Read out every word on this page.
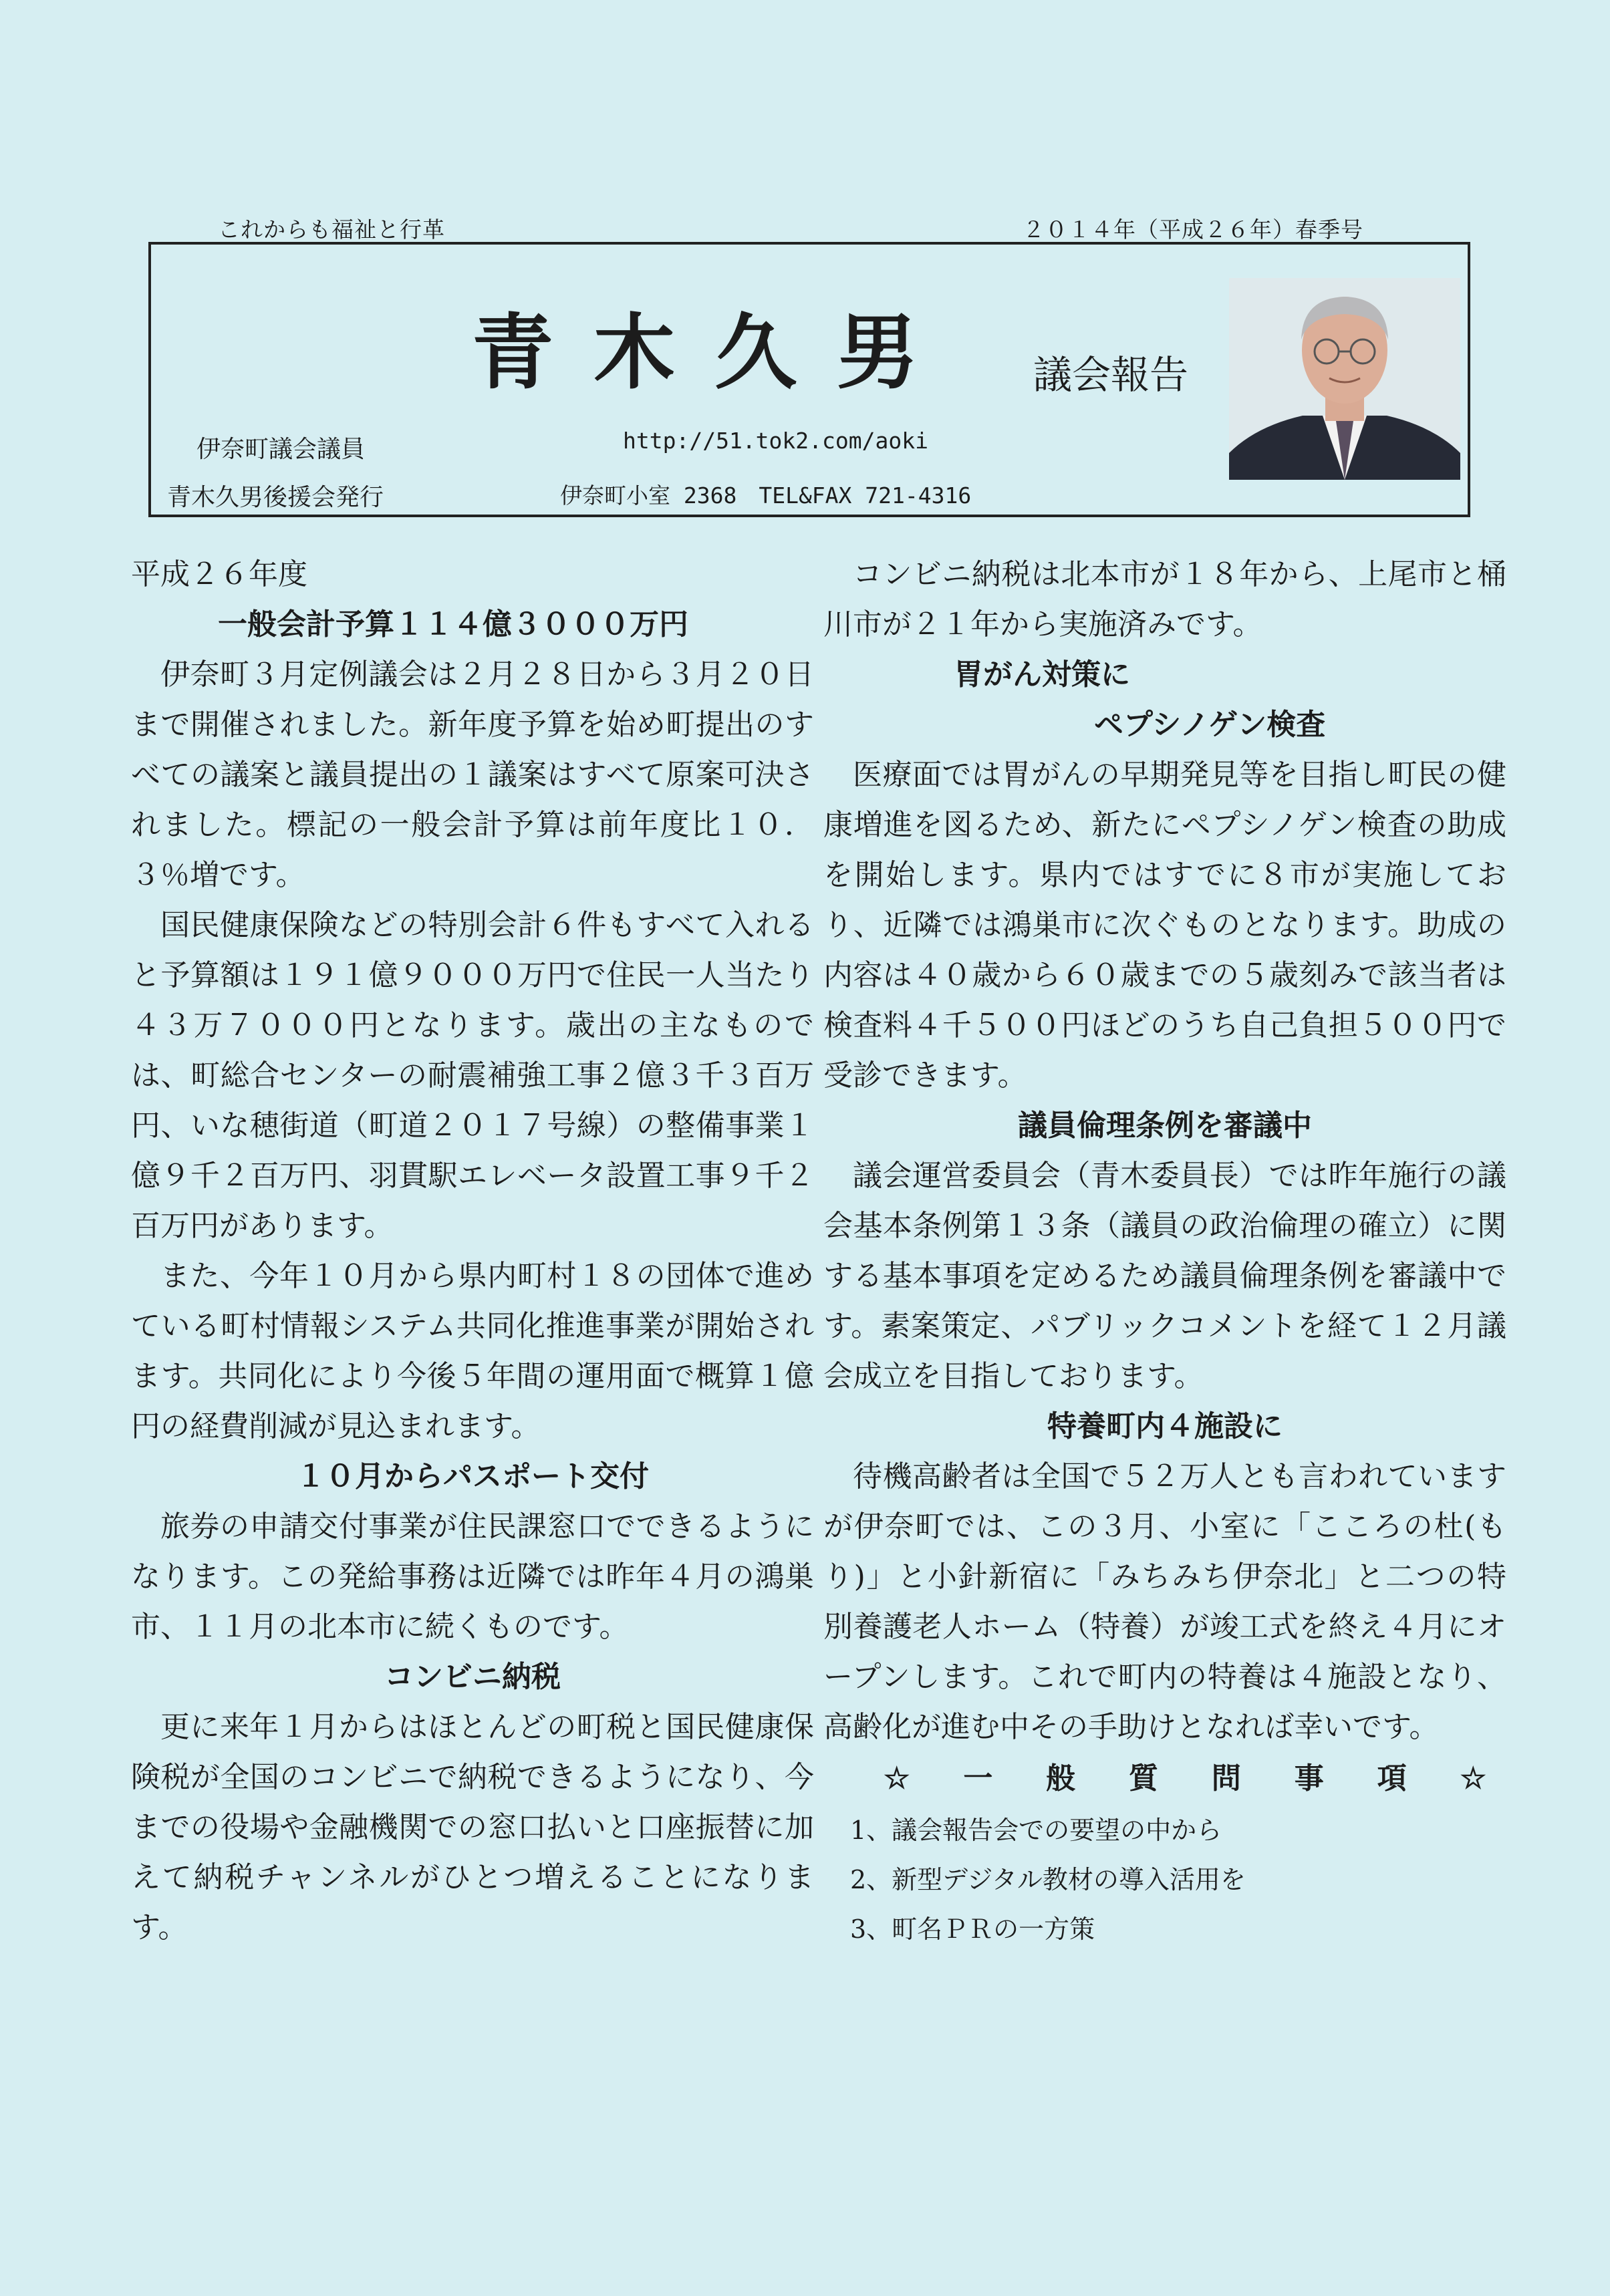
これからも福祉と行革	２０１４年（平成２６年）春季号
青木久男 議会報告
伊奈町議会議員
青木久男後援会発行
http://51.tok2.com/aoki
伊奈町小室 2368　TEL&FAX 721-4316
平成２６年度
一般会計予算１１４億３０００万円

伊奈町３月定例議会は２月２８日から３月２０日まで開催されました。新年度予算を始め町提出のすべての議案と議員提出の１議案はすべて原案可決されました。標記の一般会計予算は前年度比１０．３％増です。

国民健康保険などの特別会計６件もすべて入れると予算額は１９１億９０００万円で住民一人当たり４３万７０００円となります。歳出の主なものでは、町総合センターの耐震補強工事２億３千３百万円、いな穂街道（町道２０１７号線）の整備事業１億９千２百万円、羽貫駅エレベータ設置工事９千２百万円があります。

また、今年１０月から県内町村１８の団体で進めている町村情報システム共同化推進事業が開始されます。共同化により今後５年間の運用面で概算１億円の経費削減が見込まれます。

１０月からパスポート交付

旅券の申請交付事業が住民課窓口でできるようになります。この発給事務は近隣では昨年４月の鴻巣市、１１月の北本市に続くものです。

コンビニ納税

更に来年１月からはほとんどの町税と国民健康保険税が全国のコンビニで納税できるようになり、今までの役場や金融機関での窓口払いと口座振替に加えて納税チャンネルがひとつ増えることになります。

コンビニ納税は北本市が１８年から、上尾市と桶川市が２１年から実施済みです。

胃がん対策に
ペプシノゲン検査

医療面では胃がんの早期発見等を目指し町民の健康増進を図るため、新たにペプシノゲン検査の助成を開始します。県内ではすでに８市が実施しており、近隣では鴻巣市に次ぐものとなります。助成の内容は４０歳から６０歳までの５歳刻みで該当者は検査料４千５００円ほどのうち自己負担５００円で受診できます。

議員倫理条例を審議中

議会運営委員会（青木委員長）では昨年施行の議会基本条例第１３条（議員の政治倫理の確立）に関する基本事項を定めるため議員倫理条例を審議中です。素案策定、パブリックコメントを経て１２月議会成立を目指しております。

特養町内４施設に

待機高齢者は全国で５２万人とも言われていますが伊奈町では、この３月、小室に「こころの杜(もり)」と小針新宿に「みちみち伊奈北」と二つの特別養護老人ホーム（特養）が竣工式を終え４月にオープンします。これで町内の特養は４施設となり、高齢化が進む中その手助けとなれば幸いです。

☆ 一 般 質 問 事 項 ☆
1、議会報告会での要望の中から
2、新型デジタル教材の導入活用を
3、町名ＰＲの一方策
